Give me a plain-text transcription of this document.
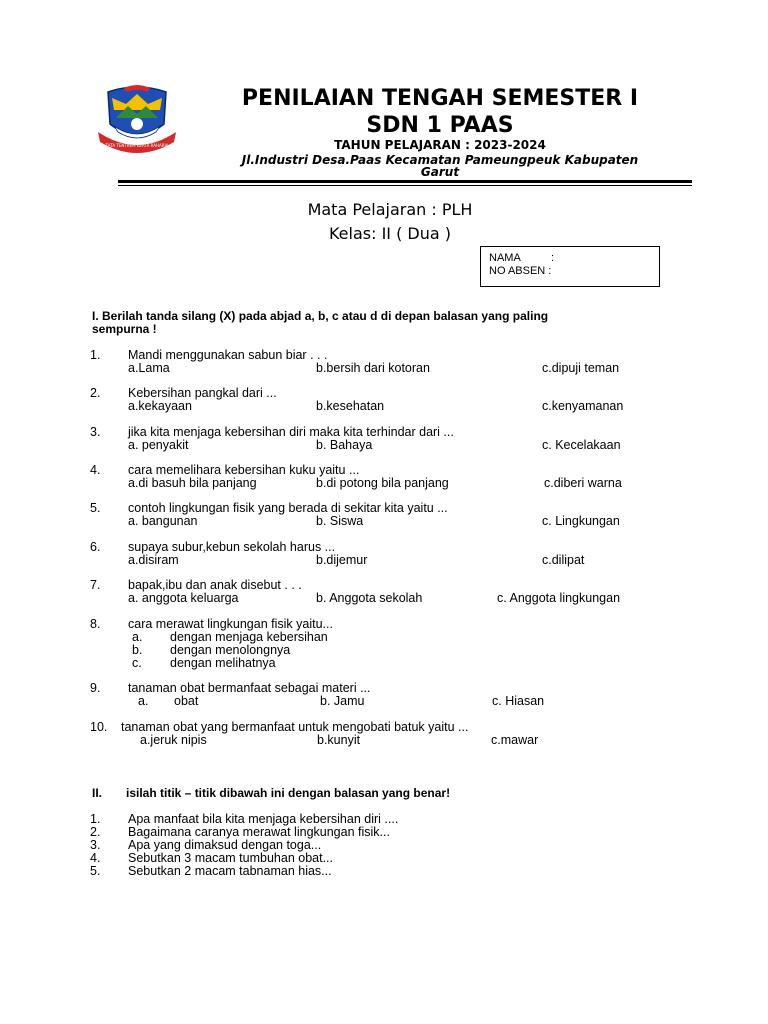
TATA TENTREM KERTA RAHARJA
PENILAIAN TENGAH SEMESTER I
SDN 1 PAAS
TAHUN PELAJARAN : 2023-2024
Jl.Industri Desa.Paas Kecamatan Pameungpeuk Kabupaten
Garut
Mata Pelajaran : PLH
Kelas: II ( Dua )
NAMA	:
NO ABSEN :
I. Berilah tanda silang (X) pada abjad a, b, c atau d di depan balasan yang paling
sempurna !
1. Mandi menggunakan sabun biar . . .
a.Lama	b.bersih dari kotoran	c.dipuji teman
2. Kebersihan pangkal dari ...
a.kekayaan	b.kesehatan	c.kenyamanan
3. jika kita menjaga kebersihan diri maka kita terhindar dari ...
a. penyakit	b. Bahaya	c. Kecelakaan
4. cara memelihara kebersihan kuku yaitu ...
a.di basuh bila panjang	b.di potong bila panjang	c.diberi warna
5. contoh lingkungan fisik yang berada di sekitar kita yaitu ...
a. bangunan	b. Siswa	c. Lingkungan
6. supaya subur,kebun sekolah harus ...
a.disiram	b.dijemur	c.dilipat
7. bapak,ibu dan anak disebut . . .
a. anggota keluarga	b. Anggota sekolah	c. Anggota lingkungan
8. cara merawat lingkungan fisik yaitu...
a. dengan menjaga kebersihan
b. dengan menolongnya
c. dengan melihatnya
9. tanaman obat bermanfaat sebagai materi ...
a. obat	b. Jamu	c. Hiasan
10. tanaman obat yang bermanfaat untuk mengobati batuk yaitu ...
a.jeruk nipis	b.kunyit	c.mawar
II.	isilah titik – titik dibawah ini dengan balasan yang benar!
1. Apa manfaat bila kita menjaga kebersihan diri ....
2. Bagaimana caranya merawat lingkungan fisik...
3. Apa yang dimaksud dengan toga...
4. Sebutkan 3 macam tumbuhan obat...
5. Sebutkan 2 macam tabnaman hias...
